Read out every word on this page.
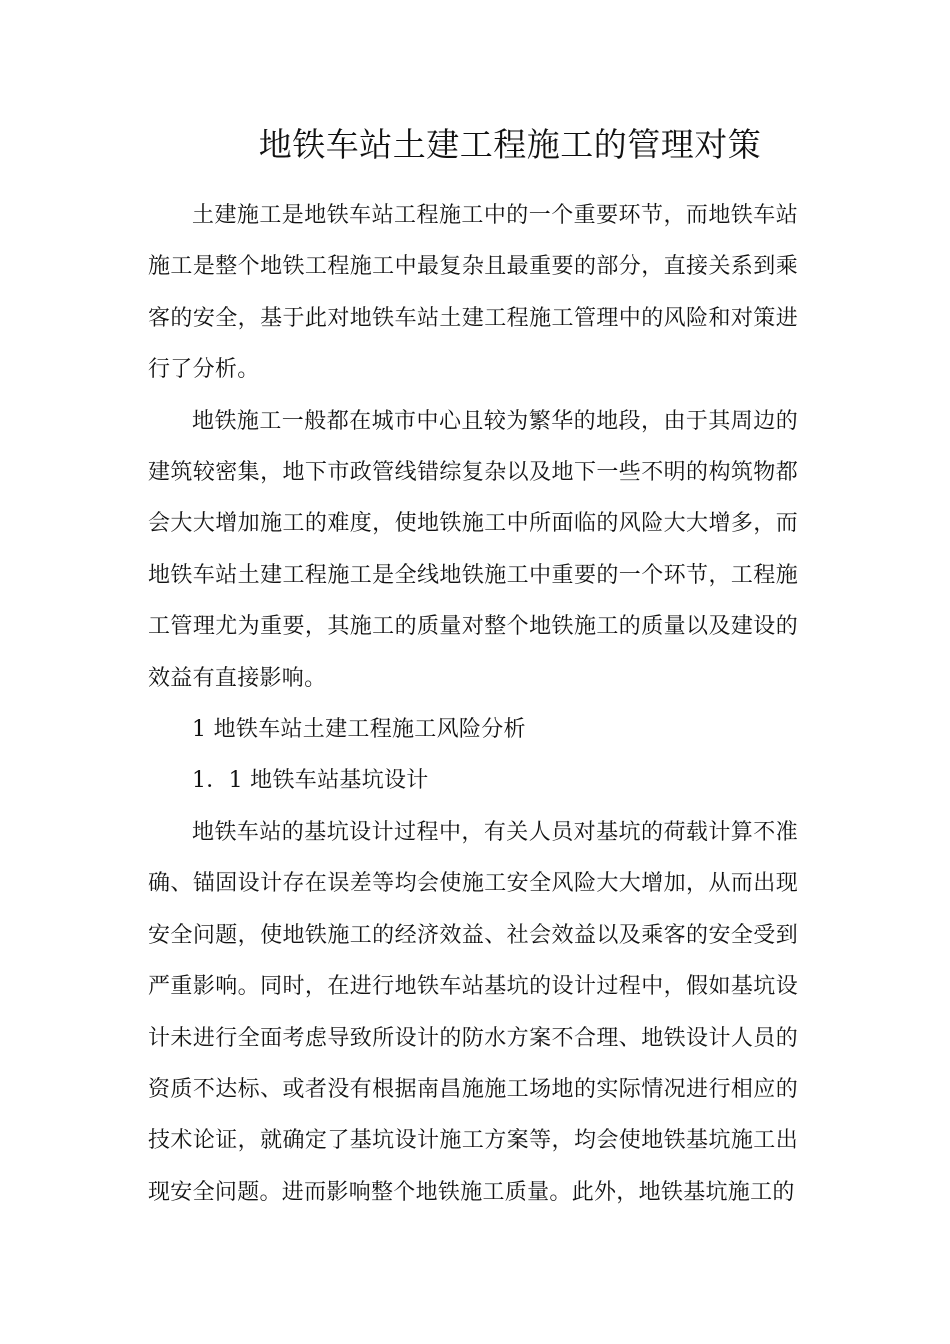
地铁车站土建工程施工的管理对策

土建施工是地铁车站工程施工中的一个重要环节，而地铁车站施工是整个地铁工程施工中最复杂且最重要的部分，直接关系到乘客的安全，基于此对地铁车站土建工程施工管理中的风险和对策进行了分析。

地铁施工一般都在城市中心且较为繁华的地段，由于其周边的建筑较密集，地下市政管线错综复杂以及地下一些不明的构筑物都会大大增加施工的难度，使地铁施工中所面临的风险大大增多，而地铁车站土建工程施工是全线地铁施工中重要的一个环节，工程施工管理尤为重要，其施工的质量对整个地铁施工的质量以及建设的效益有直接影响。

1 地铁车站土建工程施工风险分析

1．1 地铁车站基坑设计

地铁车站的基坑设计过程中，有关人员对基坑的荷载计算不准确、锚固设计存在误差等均会使施工安全风险大大增加，从而出现安全问题，使地铁施工的经济效益、社会效益以及乘客的安全受到严重影响。同时，在进行地铁车站基坑的设计过程中，假如基坑设计未进行全面考虑导致所设计的防水方案不合理、地铁设计人员的资质不达标、或者没有根据南昌施施工场地的实际情况进行相应的技术论证，就确定了基坑设计施工方案等，均会使地铁基坑施工出现安全问题。进而影响整个地铁施工质量。此外，地铁基坑施工的
